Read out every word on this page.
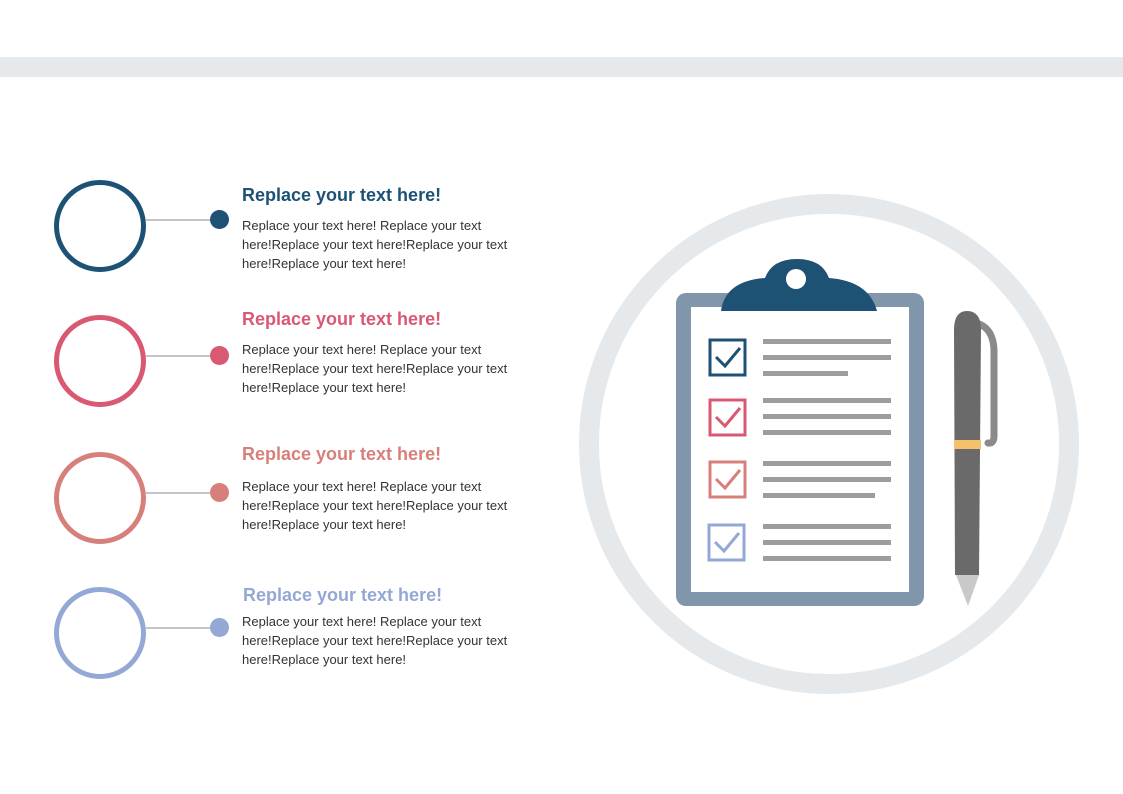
Replace your text here!
Replace your text here! Replace your text
here!Replace your text here!Replace your text
here!Replace your text here!
Replace your text here!
Replace your text here! Replace your text
here!Replace your text here!Replace your text
here!Replace your text here!
Replace your text here!
Replace your text here! Replace your text
here!Replace your text here!Replace your text
here!Replace your text here!
Replace your text here!
Replace your text here! Replace your text
here!Replace your text here!Replace your text
here!Replace your text here!
